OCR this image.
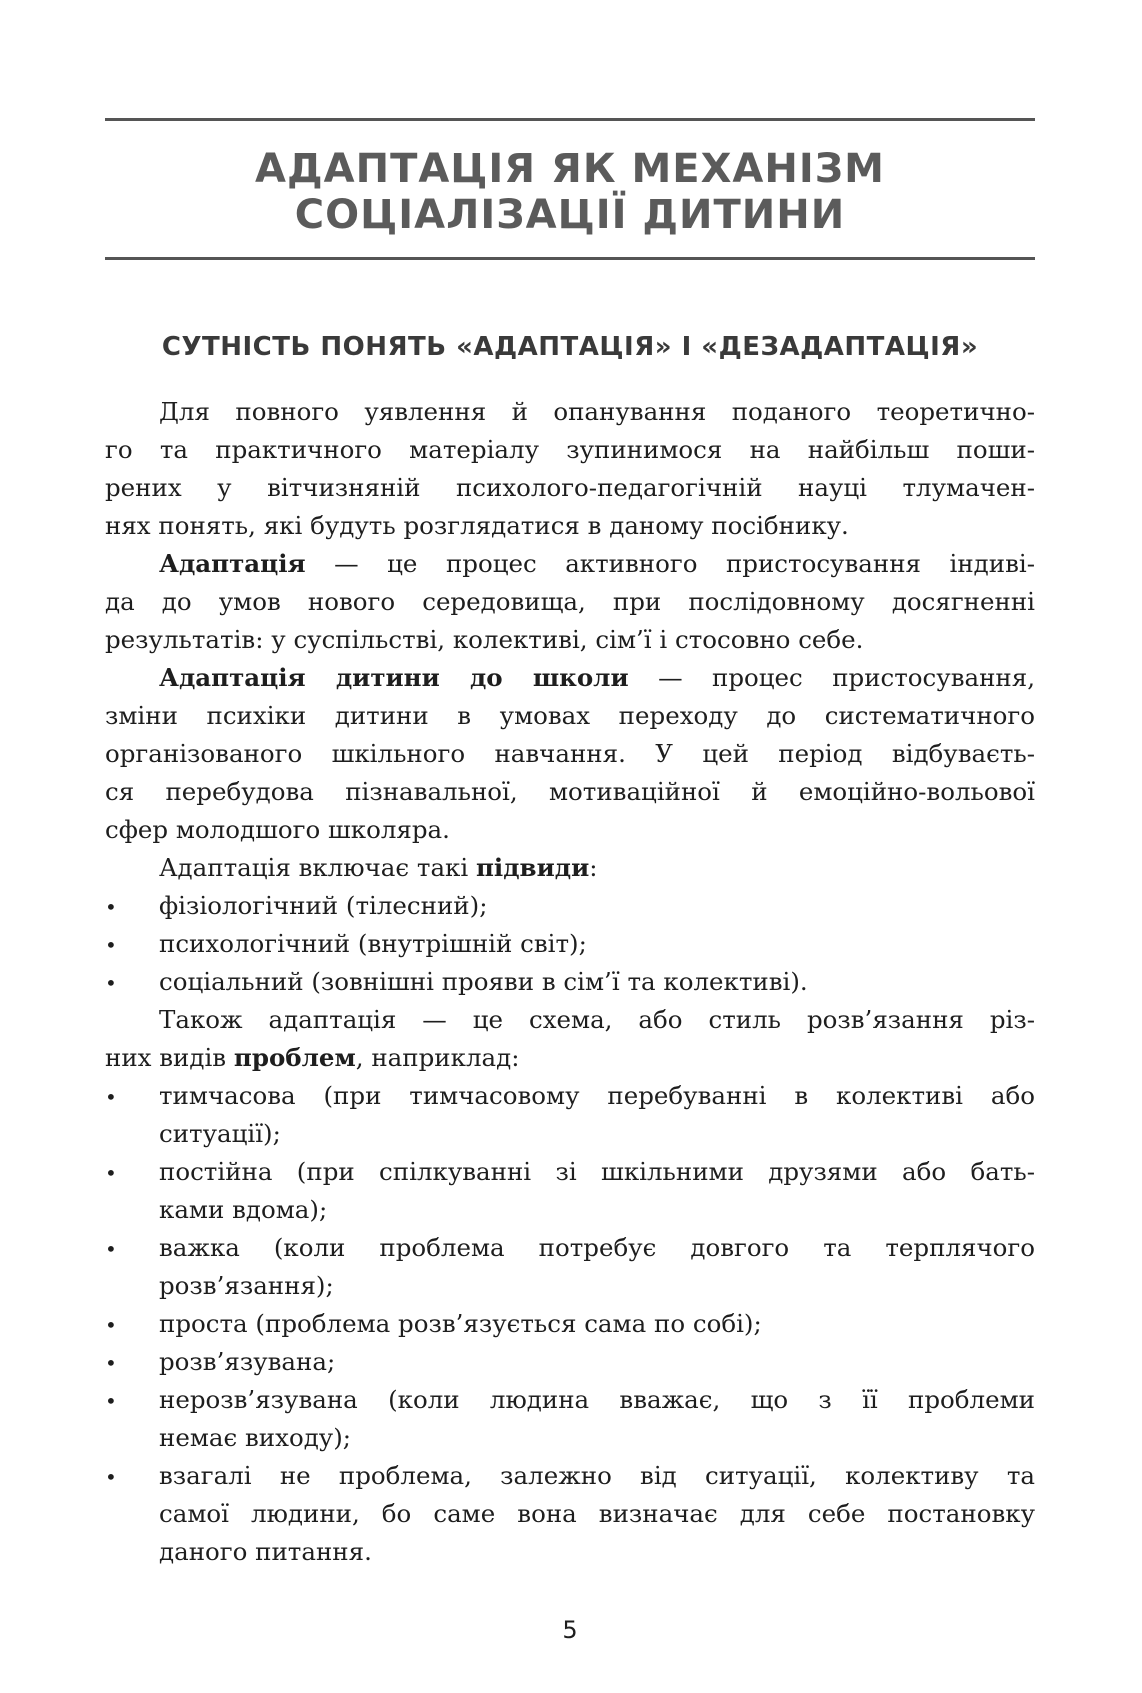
АДАПТАЦІЯ ЯК МЕХАНІЗМ
СОЦІАЛІЗАЦІЇ ДИТИНИ
СУТНІСТЬ ПОНЯТЬ «АДАПТАЦІЯ» І «ДЕЗАДАПТАЦІЯ»
Для повного уявлення й опанування поданого теоретично-
го та практичного матеріалу зупинимося на найбільш поши-
рених у вітчизняній психолого-педагогічній науці тлумачен-
нях понять, які будуть розглядатися в даному посібнику.
Адаптація — це процес активного пристосування індиві-
да до умов нового середовища, при послідовному досягненні
результатів: у суспільстві, колективі, сім’ї і стосовно себе.
Адаптація дитини до школи — процес пристосування,
зміни психіки дитини в умовах переходу до систематичного
організованого шкільного навчання. У цей період відбуваєть-
ся перебудова пізнавальної, мотиваційної й емоційно-вольової
сфер молодшого школяра.
Адаптація включає такі підвиди:
• фізіологічний (тілесний);
• психологічний (внутрішній світ);
• соціальний (зовнішні прояви в сім’ї та колективі).
Також адаптація — це схема, або стиль розв’язання різ-
них видів проблем, наприклад:
• тимчасова (при тимчасовому перебуванні в колективі або
ситуації);
• постійна (при спілкуванні зі шкільними друзями або бать-
ками вдома);
• важка (коли проблема потребує довгого та терплячого
розв’язання);
• проста (проблема розв’язується сама по собі);
• розв’язувана;
• нерозв’язувана (коли людина вважає, що з її проблеми
немає виходу);
• взагалі не проблема, залежно від ситуації, колективу та
самої людини, бо саме вона визначає для себе постановку
даного питання.
5
